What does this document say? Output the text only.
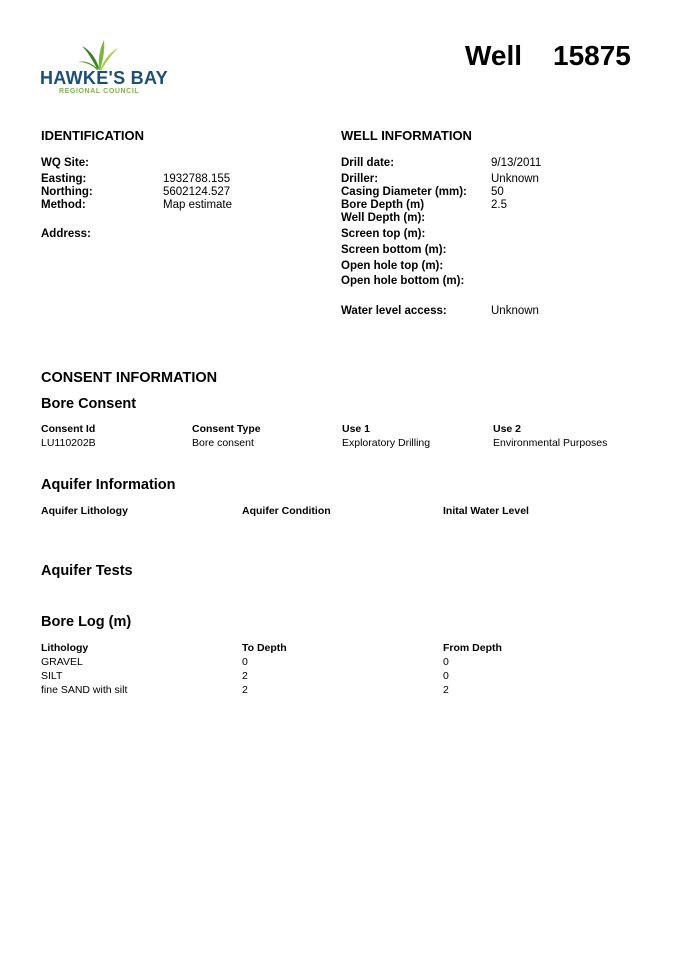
HAWKE'S BAY
REGIONAL COUNCIL
Well 15875
IDENTIFICATION
WQ Site:
Easting:	1932788.155
Northing:	5602124.527
Method:	Map estimate
Address:
WELL INFORMATION
Drill date:	9/13/2011
Driller:	Unknown
Casing Diameter (mm): 50
Bore Depth (m)	2.5
Well Depth (m):
Screen top (m):
Screen bottom (m):
Open hole top (m):
Open hole bottom (m):
Water level access:	Unknown
CONSENT INFORMATION
Bore Consent
Consent Id	Consent Type	Use 1	Use 2
LU110202B	Bore consent	Exploratory Drilling	Environmental Purposes
Aquifer Information
Aquifer Lithology	Aquifer Condition	Inital Water Level
Aquifer Tests
Bore Log (m)
Lithology	To Depth	From Depth
GRAVEL	0	0
SILT	2	0
fine SAND with silt	2	2
